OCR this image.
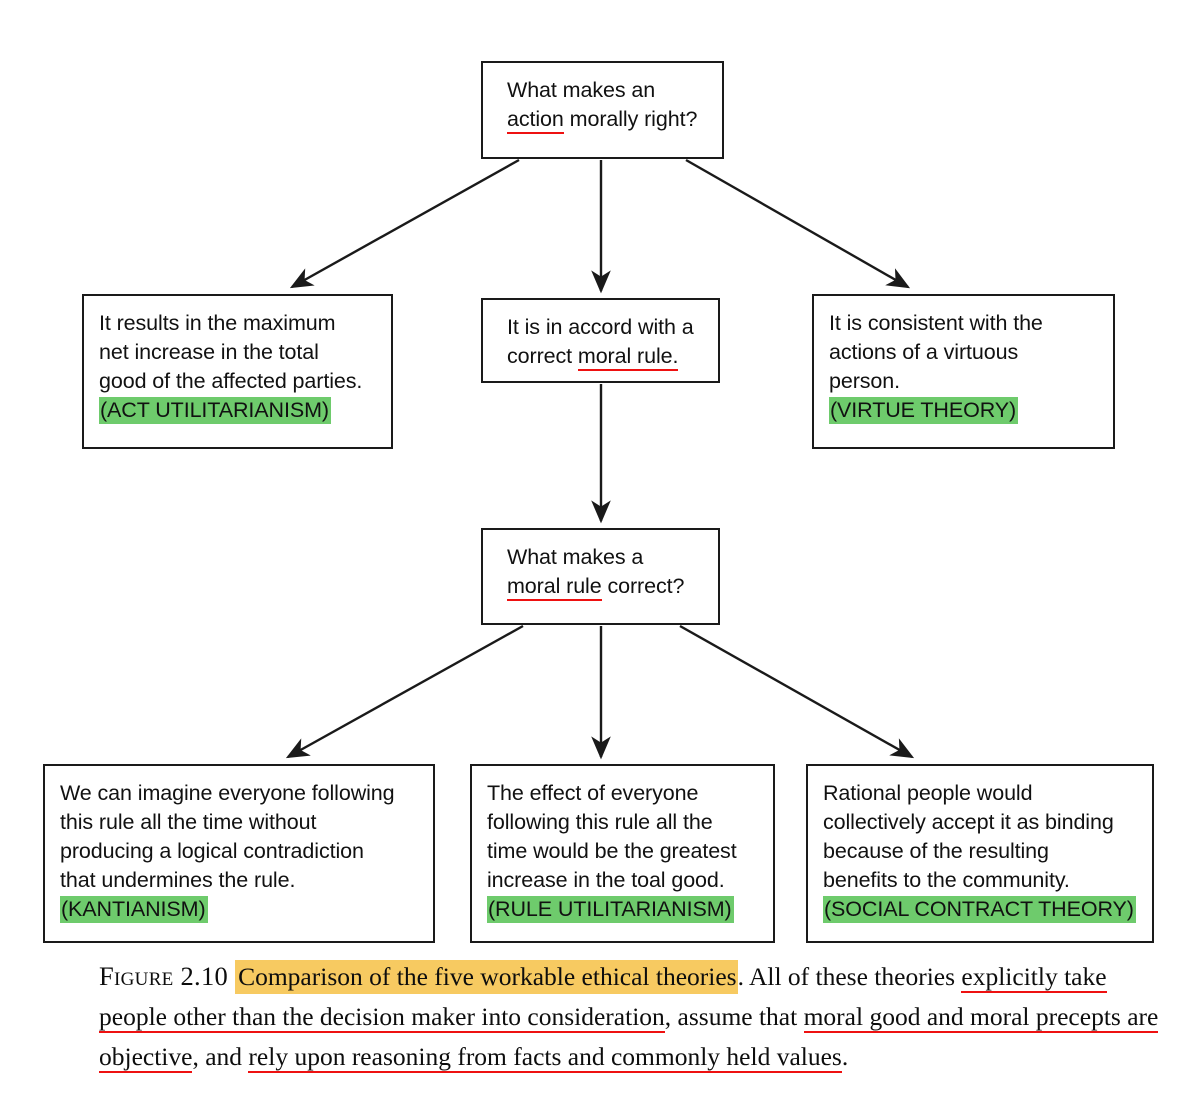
What makes an
action morally right?
It results in the maximum
net increase in the total
good of the affected parties.
(ACT UTILITARIANISM)
It is in accord with a
correct moral rule.
It is consistent with the
actions of a virtuous
person.
(VIRTUE THEORY)
What makes a
moral rule correct?
We can imagine everyone following
this rule all the time without
producing a logical contradiction
that undermines the rule.
(KANTIANISM)
The effect of everyone
following this rule all the
time would be the greatest
increase in the toal good.
(RULE UTILITARIANISM)
Rational people would
collectively accept it as binding
because of the resulting
benefits to the community.
(SOCIAL CONTRACT THEORY)
Figure 2.10 Comparison of the five workable ethical theories. All of these theories explicitly take people other than the decision maker into consideration, assume that moral good and moral precepts are objective, and rely upon reasoning from facts and commonly held values.
